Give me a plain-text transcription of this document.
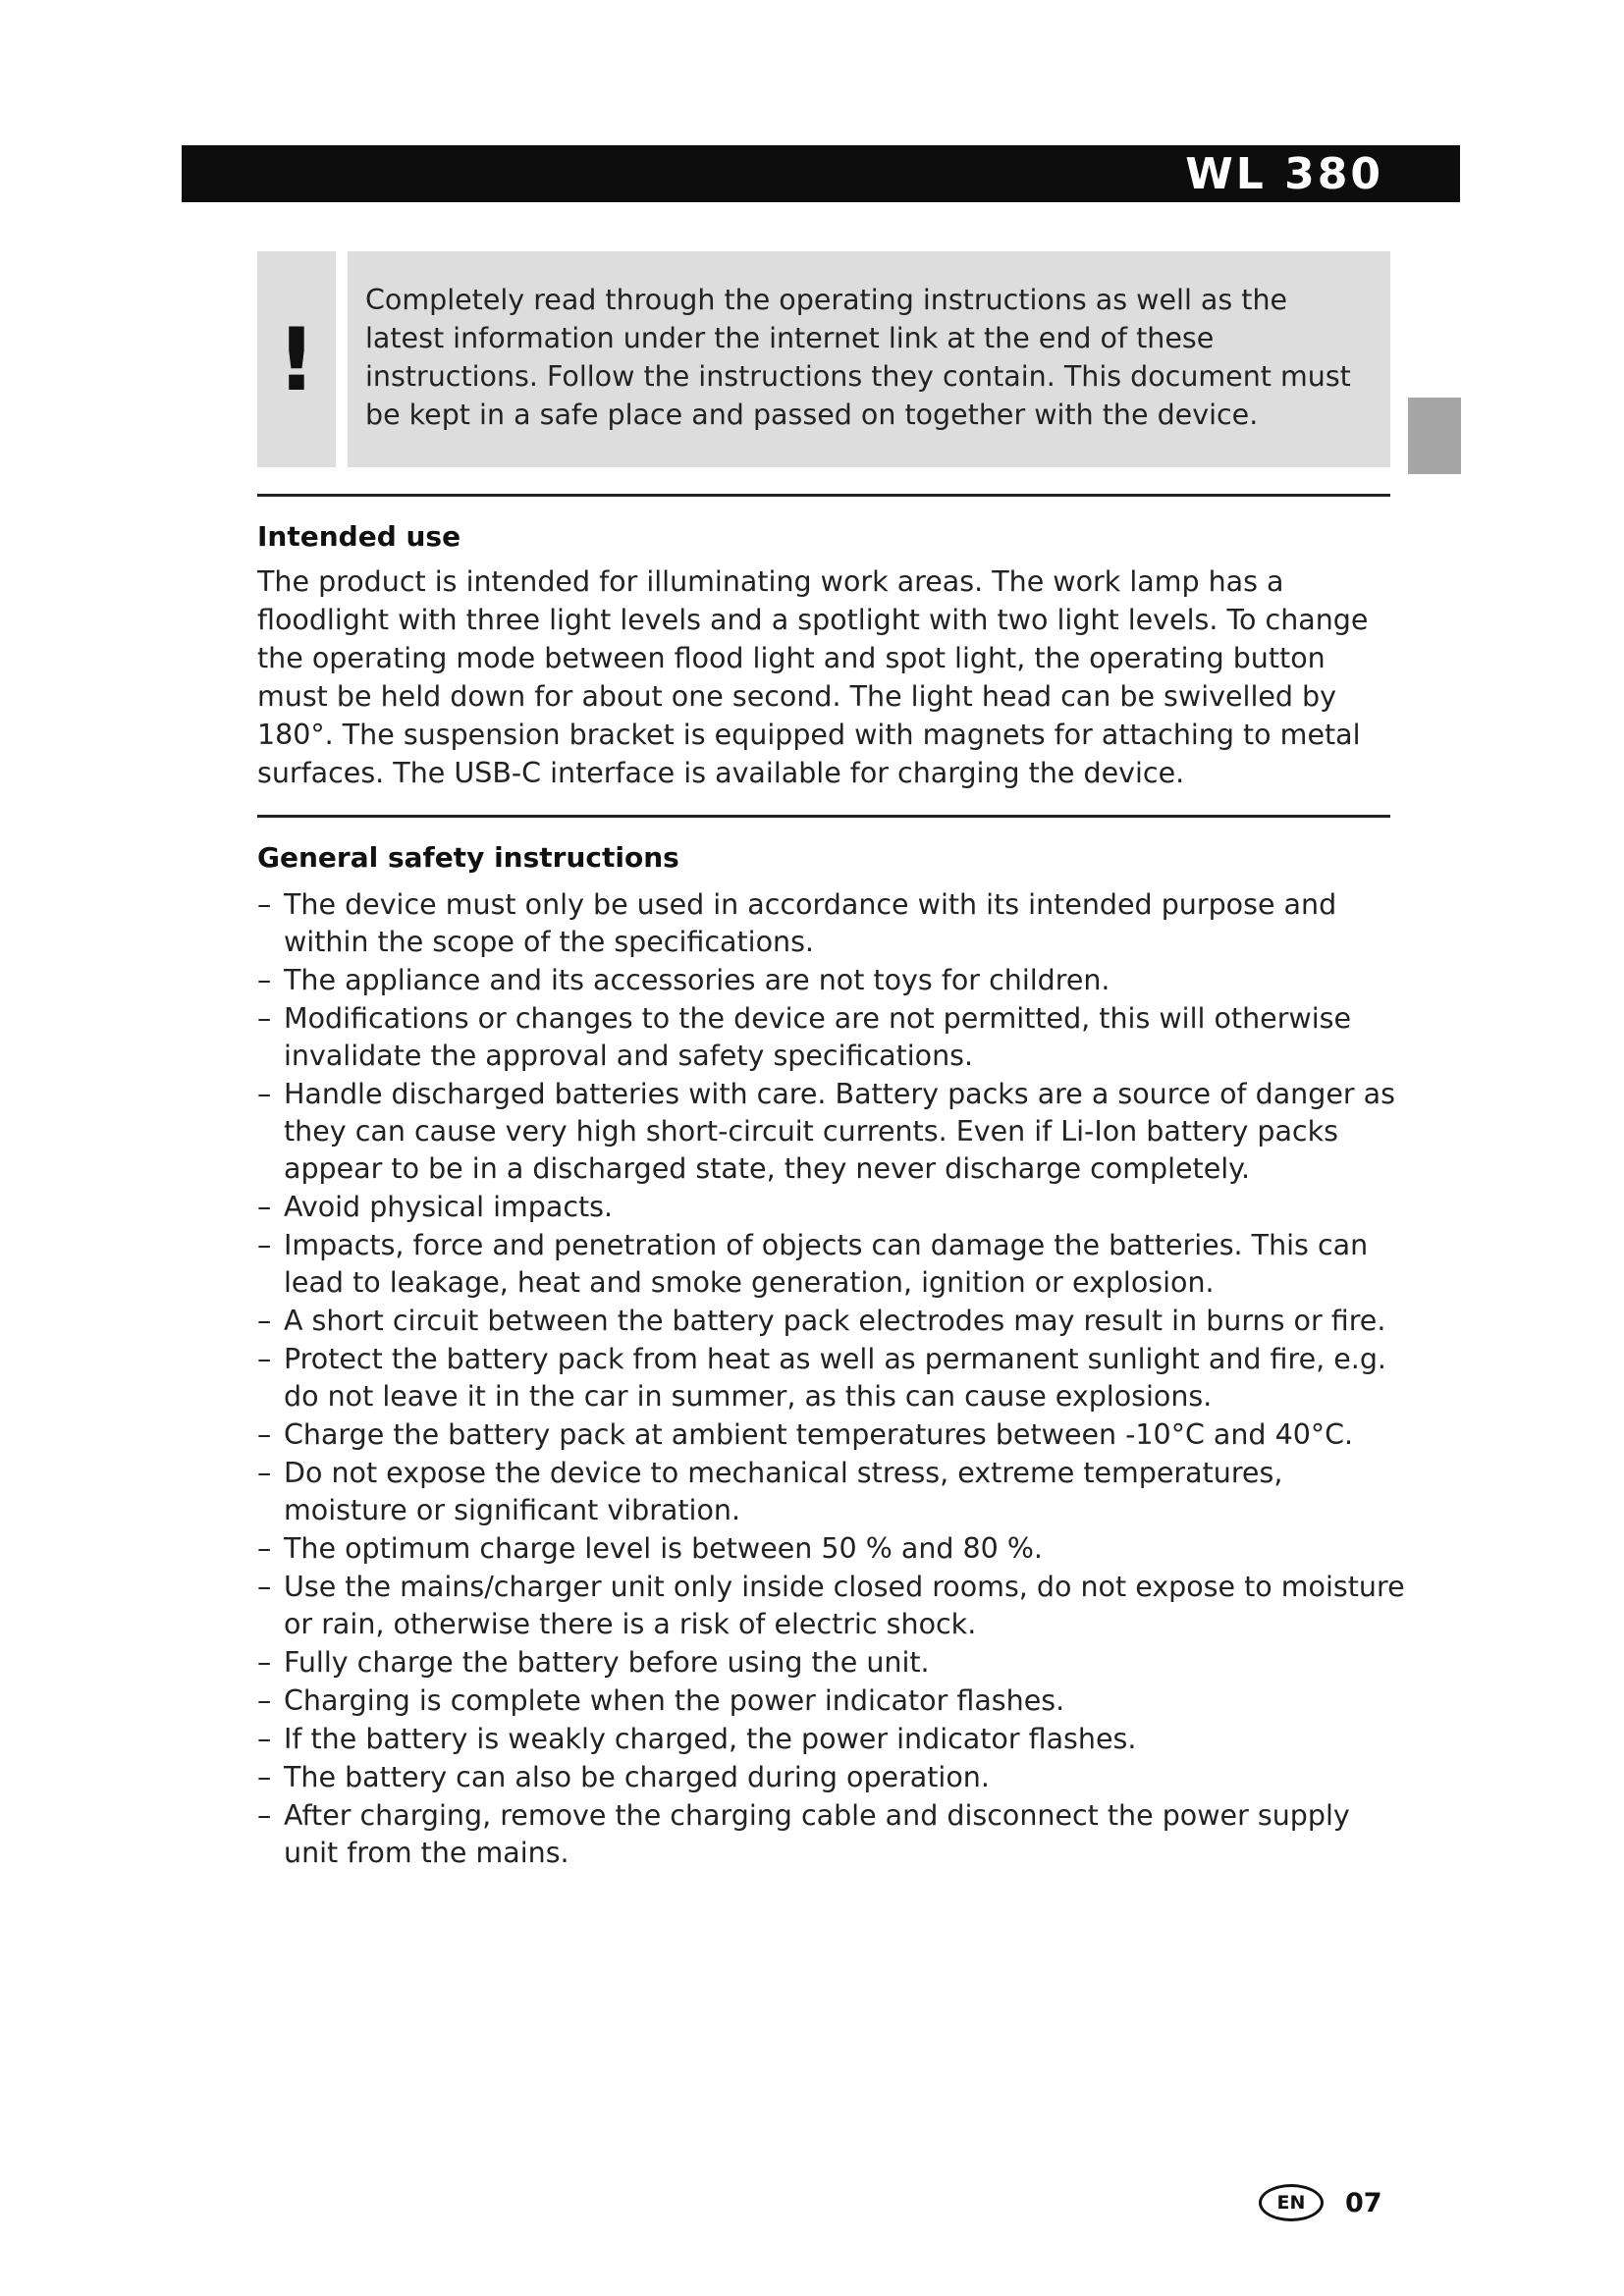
WL 380
!
Completely read through the operating instructions as well as the latest information under the internet link at the end of these instructions. Follow the instructions they contain. This document must be kept in a safe place and passed on together with the device.
Intended use
The product is intended for illuminating work areas. The work lamp has a floodlight with three light levels and a spotlight with two light levels. To change the operating mode between flood light and spot light, the operating button must be held down for about one second. The light head can be swivelled by 180°. The suspension bracket is equipped with magnets for attaching to metal surfaces. The USB-C interface is available for charging the device.
General safety instructions
– The device must only be used in accordance with its intended purpose and within the scope of the specifications.
– The appliance and its accessories are not toys for children.
– Modifications or changes to the device are not permitted, this will otherwise invalidate the approval and safety specifications.
– Handle discharged batteries with care. Battery packs are a source of danger as they can cause very high short-circuit currents. Even if Li-Ion battery packs appear to be in a discharged state, they never discharge completely.
– Avoid physical impacts.
– Impacts, force and penetration of objects can damage the batteries. This can lead to leakage, heat and smoke generation, ignition or explosion.
– A short circuit between the battery pack electrodes may result in burns or fire.
– Protect the battery pack from heat as well as permanent sunlight and fire, e.g. do not leave it in the car in summer, as this can cause explosions.
– Charge the battery pack at ambient temperatures between -10°C and 40°C.
– Do not expose the device to mechanical stress, extreme temperatures, moisture or significant vibration.
– The optimum charge level is between 50 % and 80 %.
– Use the mains/charger unit only inside closed rooms, do not expose to moisture or rain, otherwise there is a risk of electric shock.
– Fully charge the battery before using the unit.
– Charging is complete when the power indicator flashes.
– If the battery is weakly charged, the power indicator flashes.
– The battery can also be charged during operation.
– After charging, remove the charging cable and disconnect the power supply unit from the mains.
EN	07
